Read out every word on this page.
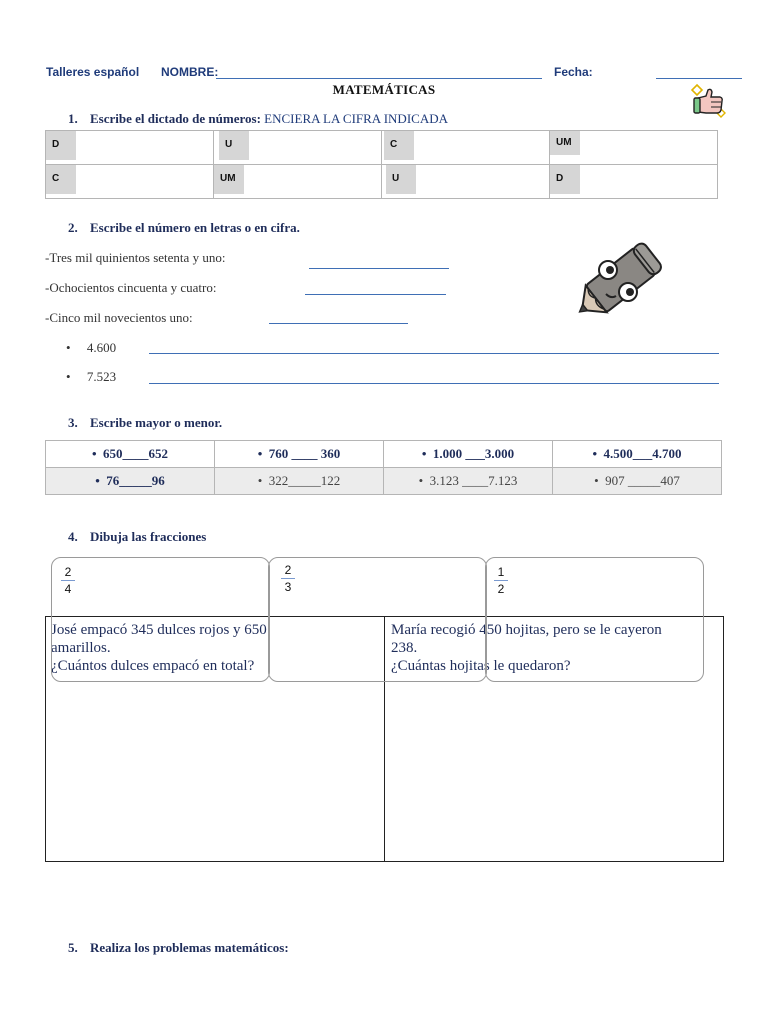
Talleres español NOMBRE:	Fecha:
MATEMÁTICAS
1. Escribe el dictado de números: ENCIERA LA CIFRA INDICADA
D	U	C	UM
C	UM	U	D
2. Escribe el número en letras o en cifra.
-Tres mil quinientos setenta y uno:
-Ochocientos cincuenta y cuatro:
-Cinco mil novecientos uno:
•     4.600
•     7.523
3. Escribe mayor o menor.
•  650____652	•  760 ____ 360	•  1.000 ___3.000	•  4.500___4.700
•  76_____96	•  322_____122	•  3.123 ____7.123	•  907 _____407
4. Dibuja las fracciones
José empacó 345 dulces rojos y 650
amarillos.
¿Cuántos dulces empacó en total?
María recogió 450 hojitas, pero se le cayeron
238.
¿Cuántas hojitas le quedaron?
2
4
2
3
1
2
5. Realiza los problemas matemáticos:
